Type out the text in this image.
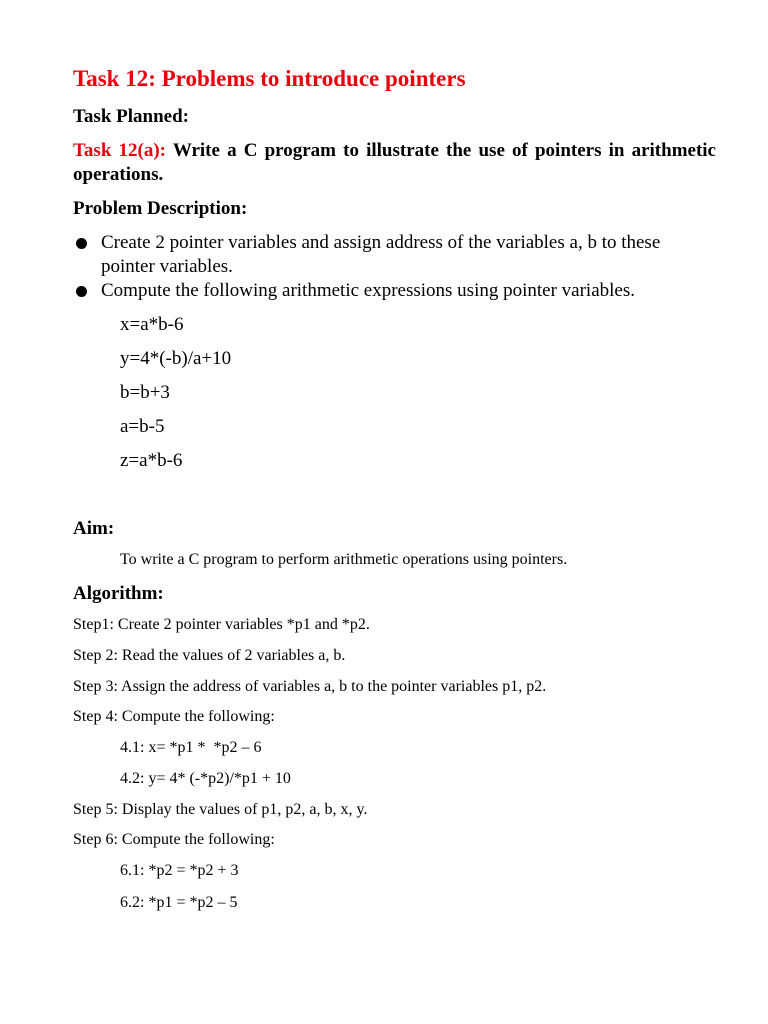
Task 12: Problems to introduce pointers
Task Planned:
Task 12(a): Write a C program to illustrate the use of pointers in arithmetic operations.
Problem Description:
Create 2 pointer variables and assign address of the variables a, b to these pointer variables.
Compute the following arithmetic expressions using pointer variables.
x=a*b-6
y=4*(-b)/a+10
b=b+3
a=b-5
z=a*b-6
Aim:
To write a C program to perform arithmetic operations using pointers.
Algorithm:
Step1: Create 2 pointer variables *p1 and *p2.
Step 2: Read the values of 2 variables a, b.
Step 3: Assign the address of variables a, b to the pointer variables p1, p2.
Step 4: Compute the following:
4.1: x= *p1 *  *p2 – 6
4.2: y= 4* (-*p2)/*p1 + 10
Step 5: Display the values of p1, p2, a, b, x, y.
Step 6: Compute the following:
6.1: *p2 = *p2 + 3
6.2: *p1 = *p2 – 5
